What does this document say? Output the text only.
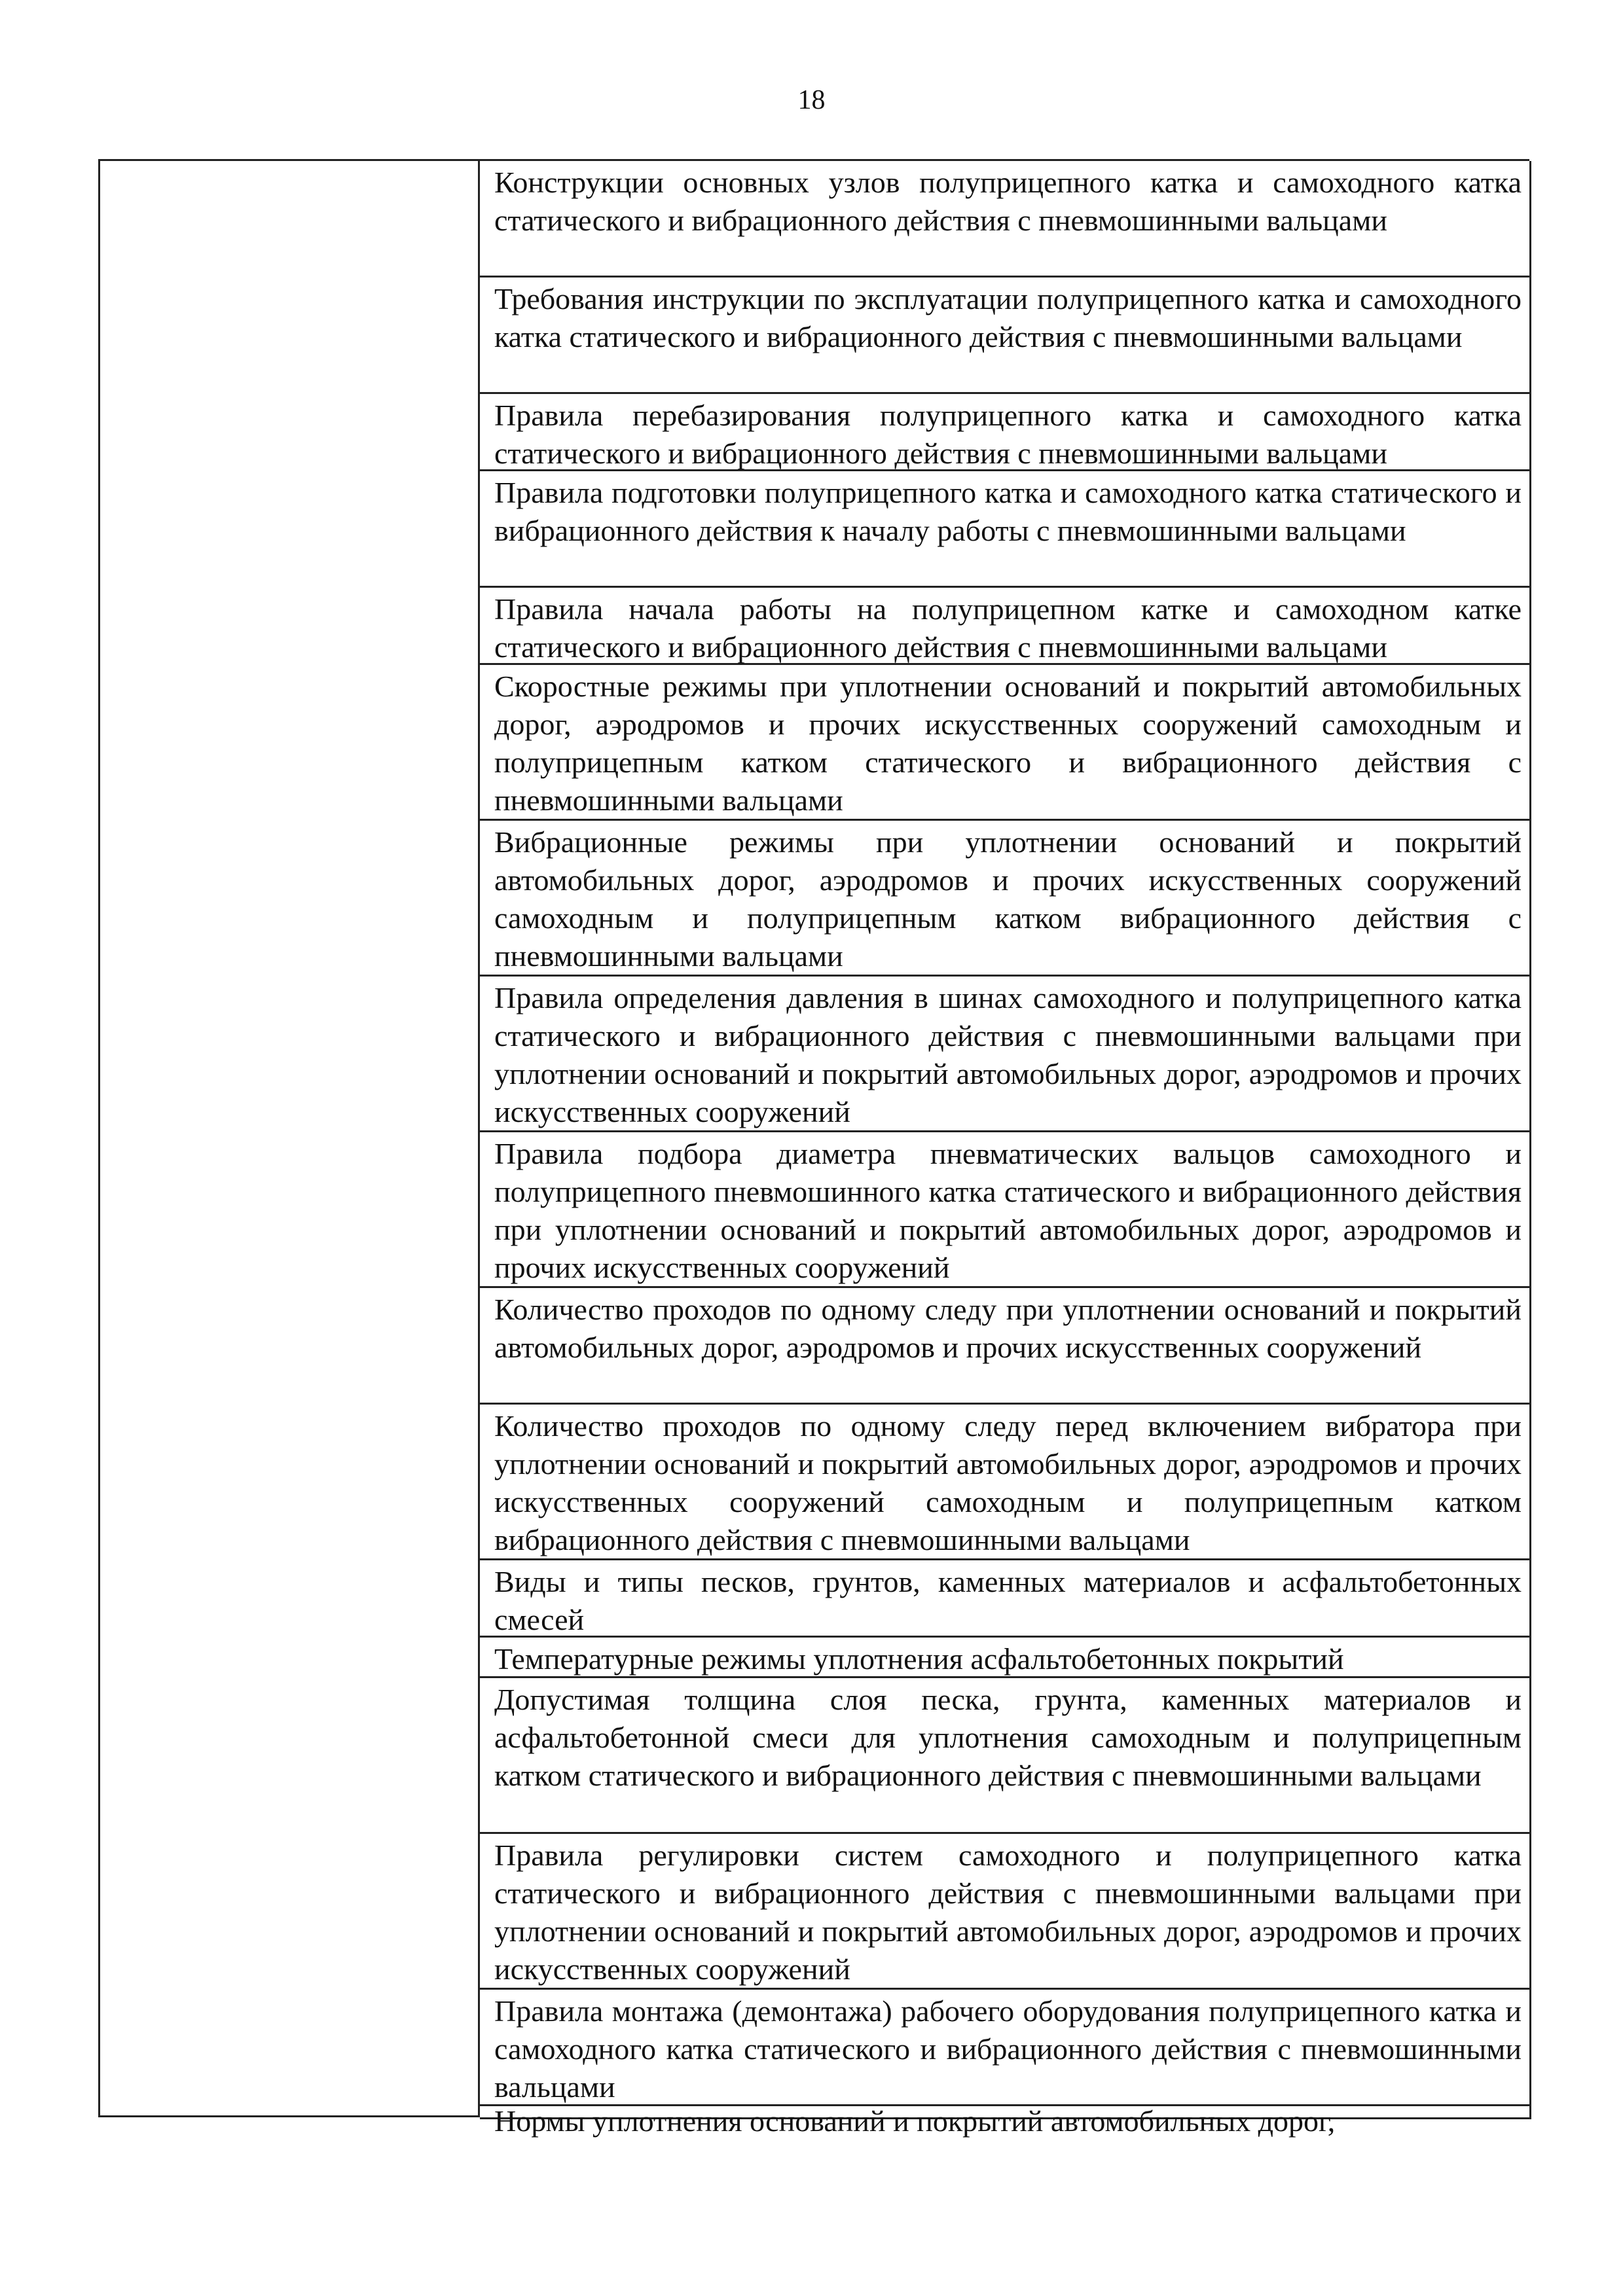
18
Конструкции основных узлов полуприцепного катка и самоходного катка статического и вибрационного действия с пневмошинными вальцами
Требования инструкции по эксплуатации полуприцепного катка и самоходного катка статического и вибрационного действия с пневмошинными вальцами
Правила перебазирования полуприцепного катка и самоходного катка статического и вибрационного действия с пневмошинными вальцами
Правила подготовки полуприцепного катка и самоходного катка статического и вибрационного действия к началу работы с пневмошинными вальцами
Правила начала работы на полуприцепном катке и самоходном катке статического и вибрационного действия с пневмошинными вальцами
Скоростные режимы при уплотнении оснований и покрытий автомобильных дорог, аэродромов и прочих искусственных сооружений самоходным и полуприцепным катком статического и вибрационного действия с пневмошинными вальцами
Вибрационные режимы при уплотнении оснований и покрытий автомобильных дорог, аэродромов и прочих искусственных сооружений самоходным и полуприцепным катком вибрационного действия с пневмошинными вальцами
Правила определения давления в шинах самоходного и полуприцепного катка статического и вибрационного действия с пневмошинными вальцами при уплотнении оснований и покрытий автомобильных дорог, аэродромов и прочих искусственных сооружений
Правила подбора диаметра пневматических вальцов самоходного и полуприцепного пневмошинного катка статического и вибрационного действия при уплотнении оснований и покрытий автомобильных дорог, аэродромов и прочих искусственных сооружений
Количество проходов по одному следу при уплотнении оснований и покрытий автомобильных дорог, аэродромов и прочих искусственных сооружений
Количество проходов по одному следу перед включением вибратора при уплотнении оснований и покрытий автомобильных дорог, аэродромов и прочих искусственных сооружений самоходным и полуприцепным катком вибрационного действия с пневмошинными вальцами
Виды и типы песков, грунтов, каменных материалов и асфальтобетонных смесей
Температурные режимы уплотнения асфальтобетонных покрытий
Допустимая толщина слоя песка, грунта, каменных материалов и асфальтобетонной смеси для уплотнения самоходным и полуприцепным катком статического и вибрационного действия с пневмошинными вальцами
Правила регулировки систем самоходного и полуприцепного катка статического и вибрационного действия с пневмошинными вальцами при уплотнении оснований и покрытий автомобильных дорог, аэродромов и прочих искусственных сооружений
Правила монтажа (демонтажа) рабочего оборудования полуприцепного катка и самоходного катка статического и вибрационного действия с пневмошинными вальцами
Нормы уплотнения оснований и покрытий автомобильных дорог,
